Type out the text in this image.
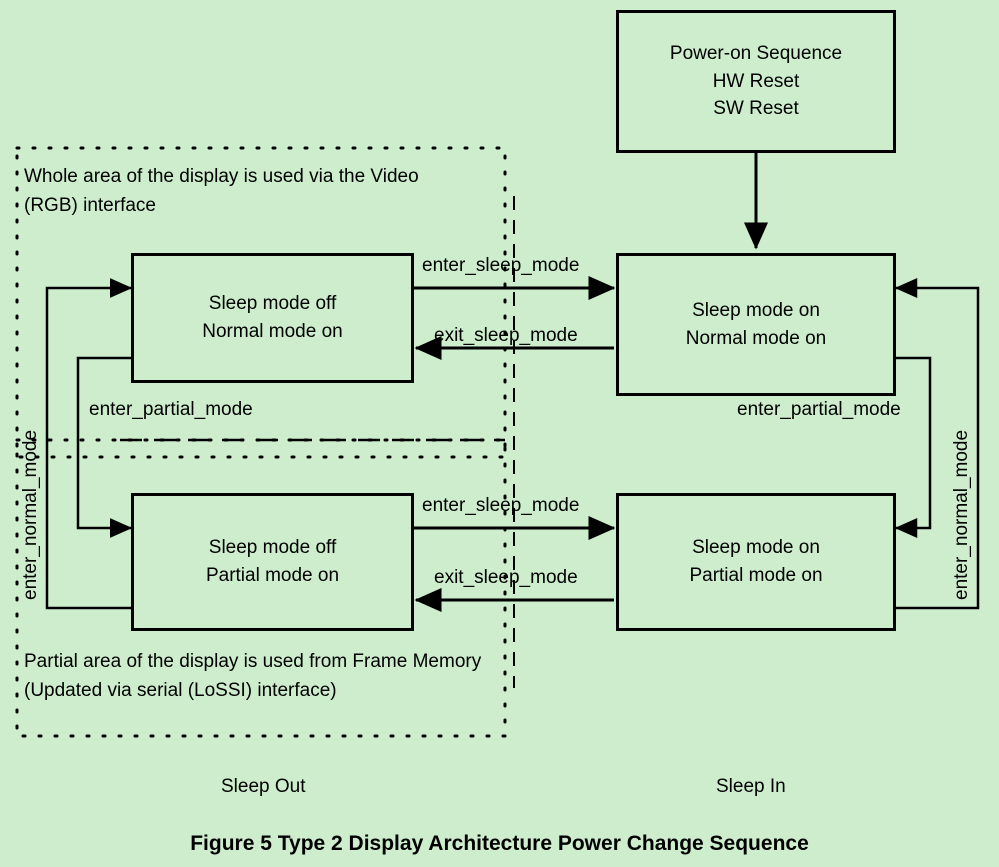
Power-on Sequence
HW Reset
SW Reset
Sleep mode off
Normal mode on
Sleep mode on
Normal mode on
Sleep mode off
Partial mode on
Sleep mode on
Partial mode on
Whole area of the display is used via the Video (RGB) interface
Partial area of the display is used from Frame Memory (Updated via serial (LoSSI) interface)
enter_sleep_mode
exit_sleep_mode
enter_sleep_mode
exit_sleep_mode
enter_partial_mode	enter_partial_mode
enter_normal_mode	enter_normal_mode
Sleep Out	Sleep In
Figure 5 Type 2 Display Architecture Power Change Sequence
